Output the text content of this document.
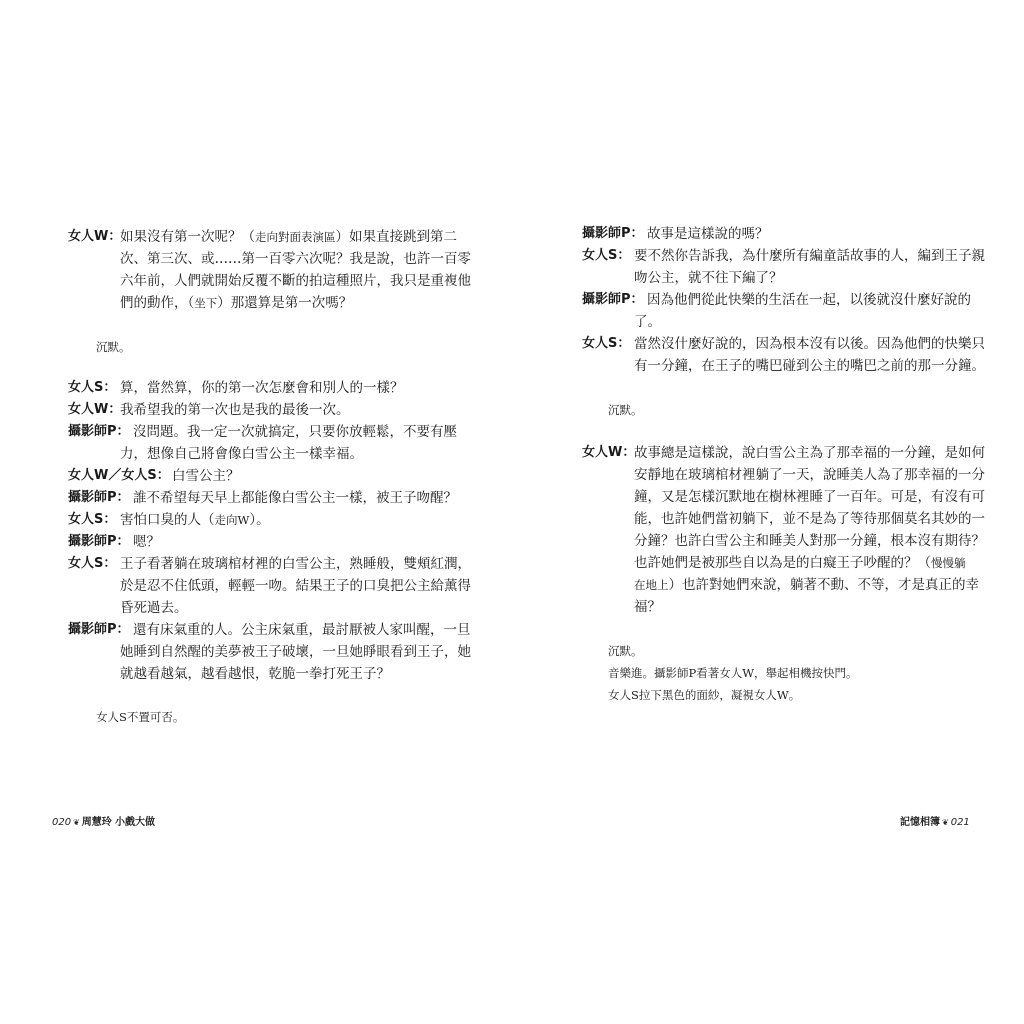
女人W：
如果沒有第一次呢？（走向對面表演區）如果直接跳到第二
次、第三次、或……第一百零六次呢？我是說，也許一百零
六年前，人們就開始反覆不斷的拍這種照片，我只是重複他
們的動作，（坐下）那還算是第一次嗎？
沉默。
女人S： 算，當然算，你的第一次怎麼會和別人的一樣？
女人W：
我希望我的第一次也是我的最後一次。
攝影師P： 沒問題。我一定一次就搞定，只要你放輕鬆，不要有壓
力，想像自己將會像白雪公主一樣幸福。
女人W／女人S： 白雪公主？
攝影師P： 誰不希望每天早上都能像白雪公主一樣，被王子吻醒？
女人S： 害怕口臭的人（走向W）。
攝影師P： 嗯？
女人S： 王子看著躺在玻璃棺材裡的白雪公主，熟睡般，雙頰紅潤，
於是忍不住低頭，輕輕一吻。結果王子的口臭把公主給薰得
昏死過去。
攝影師P： 還有床氣重的人。公主床氣重，最討厭被人家叫醒，一旦
她睡到自然醒的美夢被王子破壞，一旦她睜眼看到王子，她
就越看越氣，越看越恨，乾脆一拳打死王子？
女人S不置可否。
020 ❦ 周慧玲 小戲大做
攝影師P： 故事是這樣說的嗎？
女人S： 要不然你告訴我，為什麼所有編童話故事的人，編到王子親
吻公主，就不往下編了？
攝影師P： 因為他們從此快樂的生活在一起，以後就沒什麼好說的
了。
女人S： 當然沒什麼好說的，因為根本沒有以後。因為他們的快樂只
有一分鐘，在王子的嘴巴碰到公主的嘴巴之前的那一分鐘。
沉默。
女人W：
故事總是這樣說，說白雪公主為了那幸福的一分鐘，是如何
安靜地在玻璃棺材裡躺了一天，說睡美人為了那幸福的一分
鐘，又是怎樣沉默地在樹林裡睡了一百年。可是，有沒有可
能，也許她們當初躺下，並不是為了等待那個莫名其妙的一
分鐘？也許白雪公主和睡美人對那一分鐘，根本沒有期待？
也許她們是被那些自以為是的白癡王子吵醒的？（慢慢躺
在地上）也許對她們來說，躺著不動、不等，才是真正的幸
福？
沉默。
音樂進。攝影師P看著女人W，舉起相機按快門。
女人S拉下黑色的面紗，凝視女人W。
記憶相簿 ❦ 021
